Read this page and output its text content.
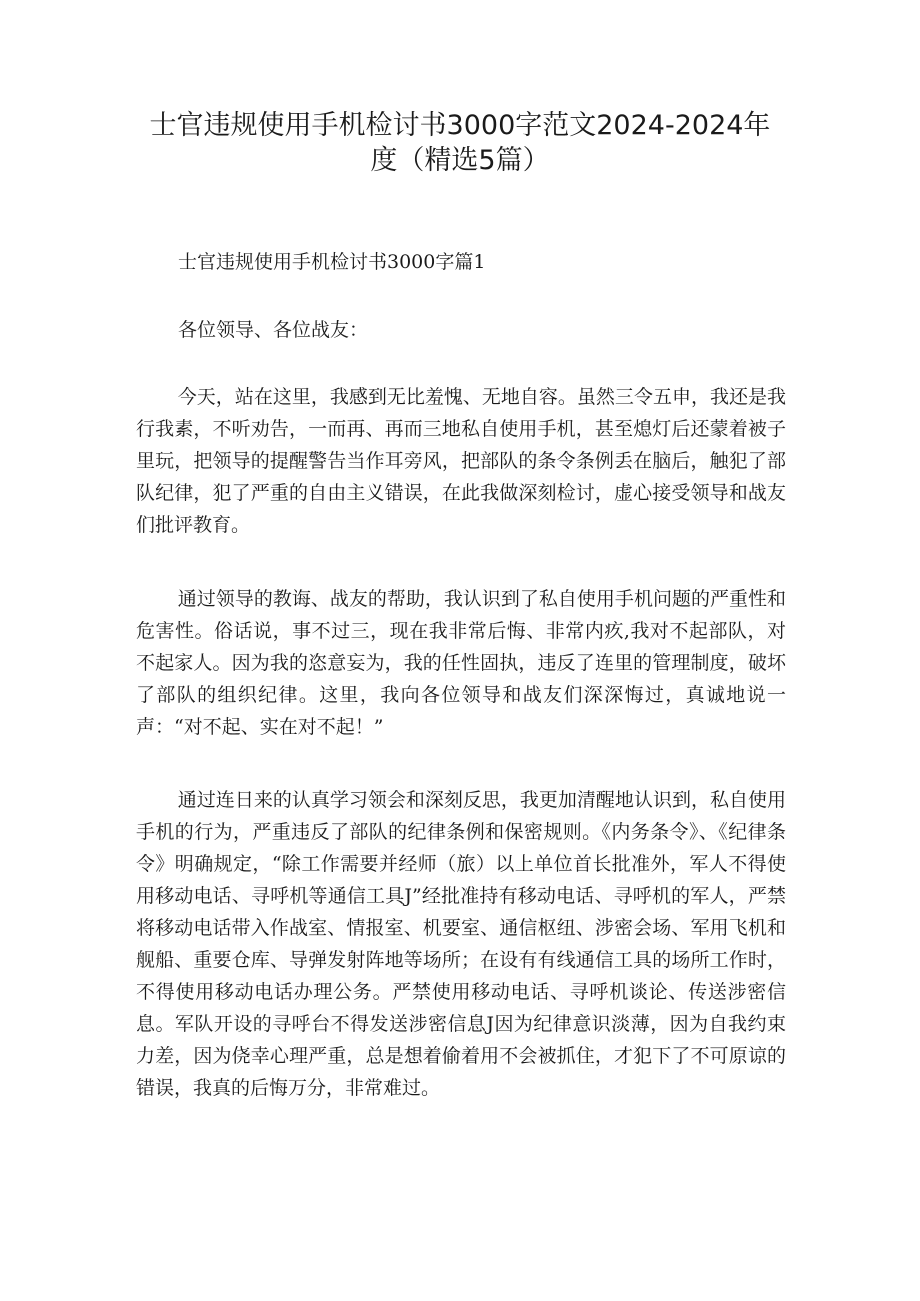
士官违规使用手机检讨书3000字范文2024-2024年
度（精选5篇）

士官违规使用手机检讨书3000字篇1

各位领导、各位战友：

今天，站在这里，我感到无比羞愧、无地自容。虽然三令五申，我还是我行我素，不听劝告，一而再、再而三地私自使用手机，甚至熄灯后还蒙着被子里玩，把领导的提醒警告当作耳旁风，把部队的条令条例丢在脑后，触犯了部队纪律，犯了严重的自由主义错误，在此我做深刻检讨，虚心接受领导和战友们批评教育。

通过领导的教诲、战友的帮助，我认识到了私自使用手机问题的严重性和危害性。俗话说，事不过三，现在我非常后悔、非常内疚,我对不起部队，对不起家人。因为我的恣意妄为，我的任性固执，违反了连里的管理制度，破坏了部队的组织纪律。这里，我向各位领导和战友们深深悔过，真诚地说一声：“对不起、实在对不起！”

通过连日来的认真学习领会和深刻反思，我更加清醒地认识到，私自使用手机的行为，严重违反了部队的纪律条例和保密规则。《内务条令》、《纪律条令》明确规定，“除工作需要并经师（旅）以上单位首长批准外，军人不得使用移动电话、寻呼机等通信工具J”经批准持有移动电话、寻呼机的军人，严禁将移动电话带入作战室、情报室、机要室、通信枢纽、涉密会场、军用飞机和舰船、重要仓库、导弹发射阵地等场所；在设有有线通信工具的场所工作时，不得使用移动电话办理公务。严禁使用移动电话、寻呼机谈论、传送涉密信息。军队开设的寻呼台不得发送涉密信息J因为纪律意识淡薄，因为自我约束力差，因为侥幸心理严重，总是想着偷着用不会被抓住，才犯下了不可原谅的错误，我真的后悔万分，非常难过。
